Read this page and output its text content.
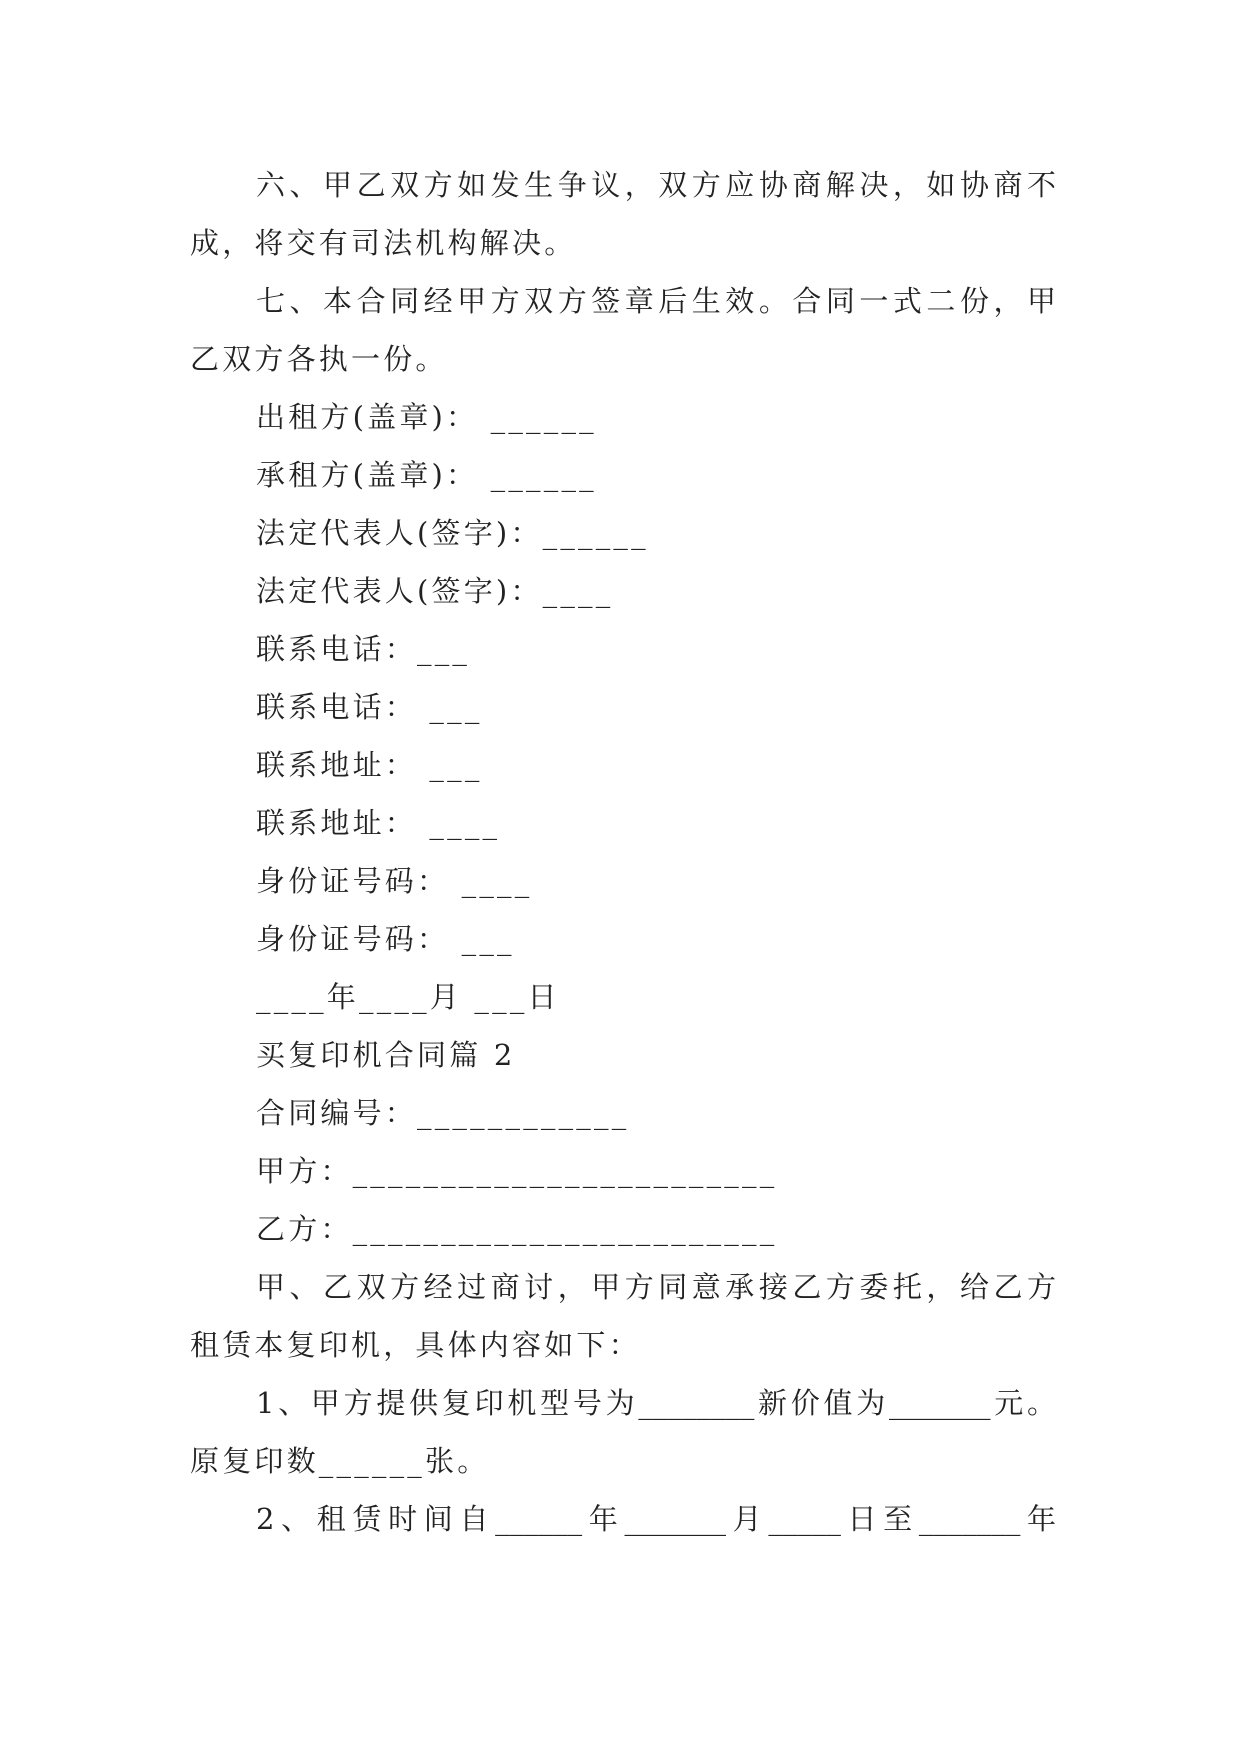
六、甲乙双方如发生争议，双方应协商解决，如协商不
成，将交有司法机构解决。
七、本合同经甲方双方签章后生效。合同一式二份，甲
乙双方各执一份。
出租方(盖章)： ______
承租方(盖章)： ______
法定代表人(签字)：______
法定代表人(签字)：____
联系电话：___
联系电话： ___
联系地址： ___
联系地址： ____
身份证号码： ____
身份证号码： ___
____年____月 ___日
买复印机合同篇 2
合同编号：____________
甲方：________________________
乙方：________________________
甲、乙双方经过商讨，甲方同意承接乙方委托，给乙方
租赁本复印机，具体内容如下：
1、甲方提供复印机型号为________新价值为_______元。
原复印数______张。
2、租赁时间自______年_______月_____日至_______年
